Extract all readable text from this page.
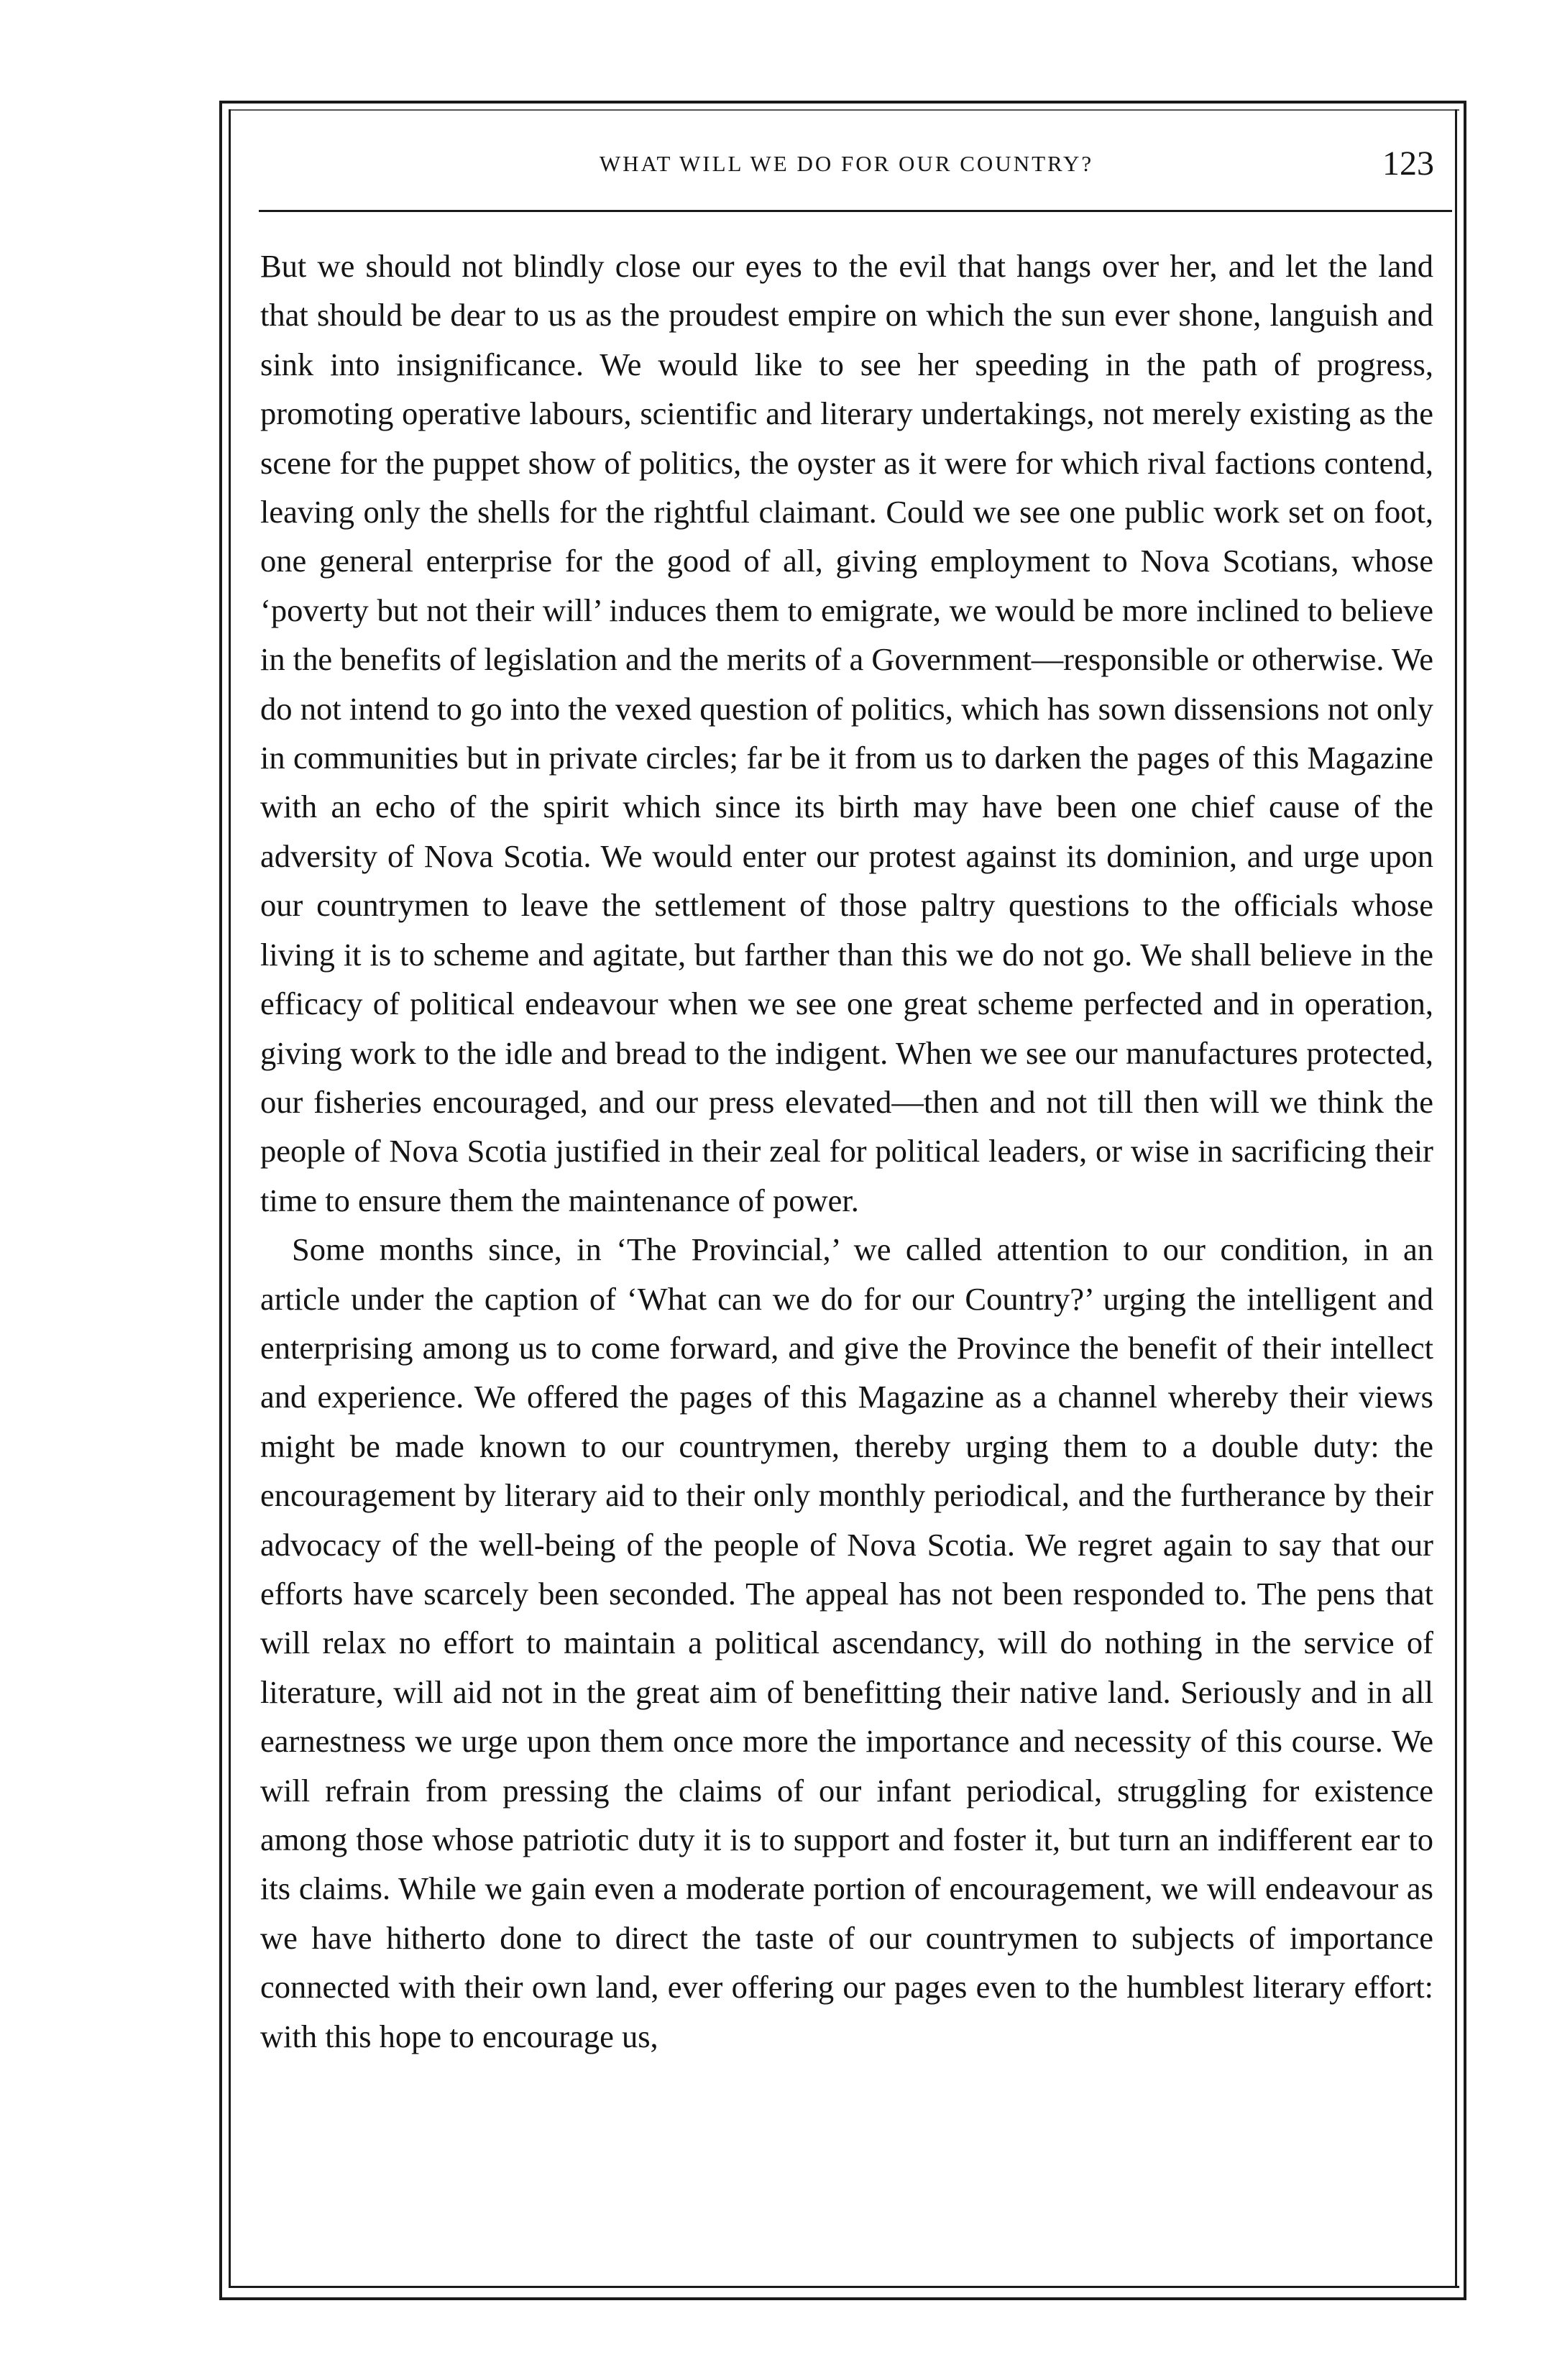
WHAT WILL WE DO FOR OUR COUNTRY?	123

But we should not blindly close our eyes to the evil that hangs over her, and let the land that should be dear to us as the proudest empire on which the sun ever shone, languish and sink into insignificance. We would like to see her speeding in the path of progress, promoting operative labours, scientific and literary undertakings, not merely existing as the scene for the puppet show of politics, the oyster as it were for which rival factions contend, leaving only the shells for the rightful claimant. Could we see one public work set on foot, one general enterprise for the good of all, giving employment to Nova Scotians, whose ‘poverty but not their will’ induces them to emigrate, we would be more inclined to believe in the benefits of legislation and the merits of a Government—responsible or otherwise. We do not intend to go into the vexed question of politics, which has sown dissensions not only in communities but in private circles; far be it from us to darken the pages of this Magazine with an echo of the spirit which since its birth may have been one chief cause of the adversity of Nova Scotia. We would enter our protest against its dominion, and urge upon our countrymen to leave the settlement of those paltry questions to the officials whose living it is to scheme and agitate, but farther than this we do not go. We shall believe in the efficacy of political endeavour when we see one great scheme perfected and in operation, giving work to the idle and bread to the indigent. When we see our manufactures protected, our fisheries encouraged, and our press elevated—then and not till then will we think the people of Nova Scotia justified in their zeal for political leaders, or wise in sacrificing their time to ensure them the maintenance of power.

Some months since, in ‘The Provincial,’ we called attention to our condition, in an article under the caption of ‘What can we do for our Country?’ urging the intelligent and enterprising among us to come forward, and give the Province the benefit of their intellect and experience. We offered the pages of this Magazine as a channel whereby their views might be made known to our countrymen, thereby urging them to a double duty: the encouragement by literary aid to their only monthly periodical, and the furtherance by their advocacy of the well-being of the people of Nova Scotia. We regret again to say that our efforts have scarcely been seconded. The appeal has not been responded to. The pens that will relax no effort to maintain a political ascendancy, will do nothing in the service of literature, will aid not in the great aim of benefitting their native land. Seriously and in all earnestness we urge upon them once more the importance and necessity of this course. We will refrain from pressing the claims of our infant periodical, struggling for existence among those whose patriotic duty it is to support and foster it, but turn an indifferent ear to its claims. While we gain even a moderate portion of encouragement, we will endeavour as we have hitherto done to direct the taste of our countrymen to subjects of importance connected with their own land, ever offering our pages even to the humblest literary effort: with this hope to encourage us,
